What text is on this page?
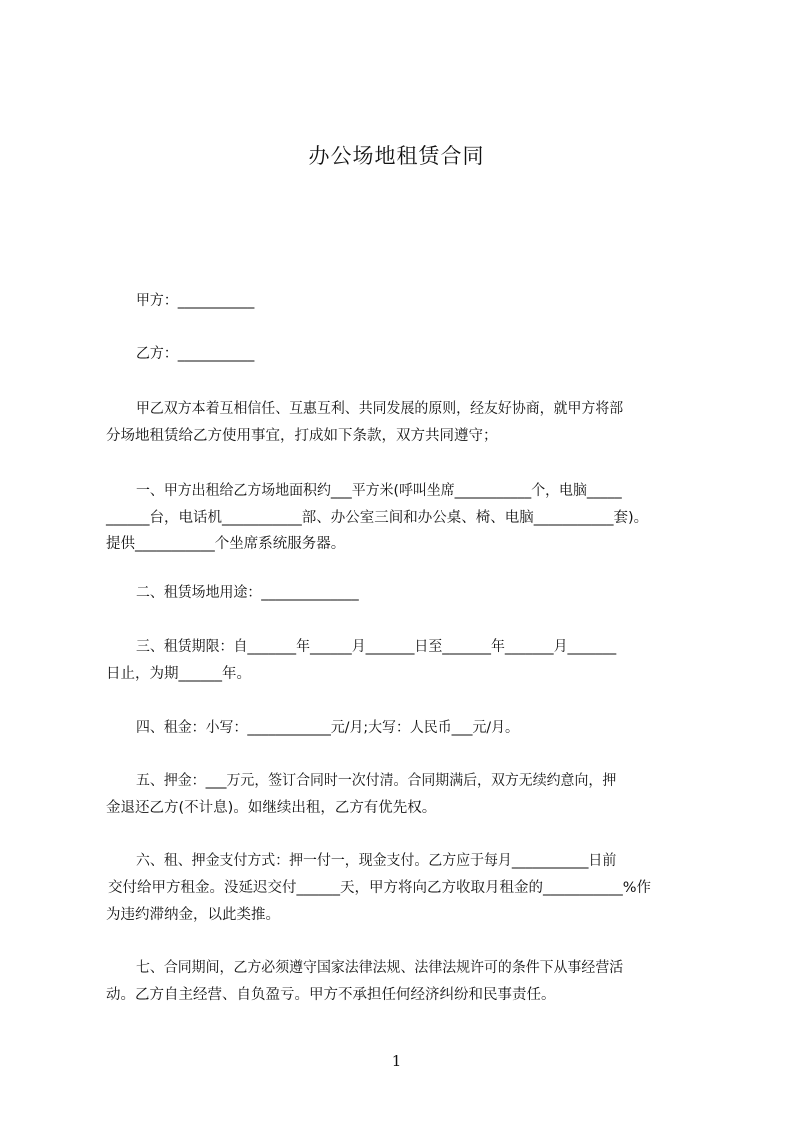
办公场地租赁合同
甲方：___________
乙方：___________
甲乙双方本着互相信任、互惠互利、共同发展的原则，经友好协商，就甲方将部
分场地租赁给乙方使用事宜，打成如下条款，双方共同遵守；
一、甲方出租给乙方场地面积约___平方米(呼叫坐席___________个，电脑_____
______台，电话机___________部、办公室三间和办公桌、椅、电脑___________套)。
提供___________个坐席系统服务器。
二、租赁场地用途：______________
三、租赁期限：自_______年______月_______日至_______年_______月_______
日止，为期______年。
四、租金：小写：____________元/月;大写：人民币___元/月。
五、押金：___万元，签订合同时一次付清。合同期满后，双方无续约意向，押
金退还乙方(不计息)。如继续出租，乙方有优先权。
六、租、押金支付方式：押一付一，现金支付。乙方应于每月___________日前
交付给甲方租金。没延迟交付______天，甲方将向乙方收取月租金的___________%作
为违约滞纳金，以此类推。
七、合同期间，乙方必须遵守国家法律法规、法律法规许可的条件下从事经营活
动。乙方自主经营、自负盈亏。甲方不承担任何经济纠纷和民事责任。
1
